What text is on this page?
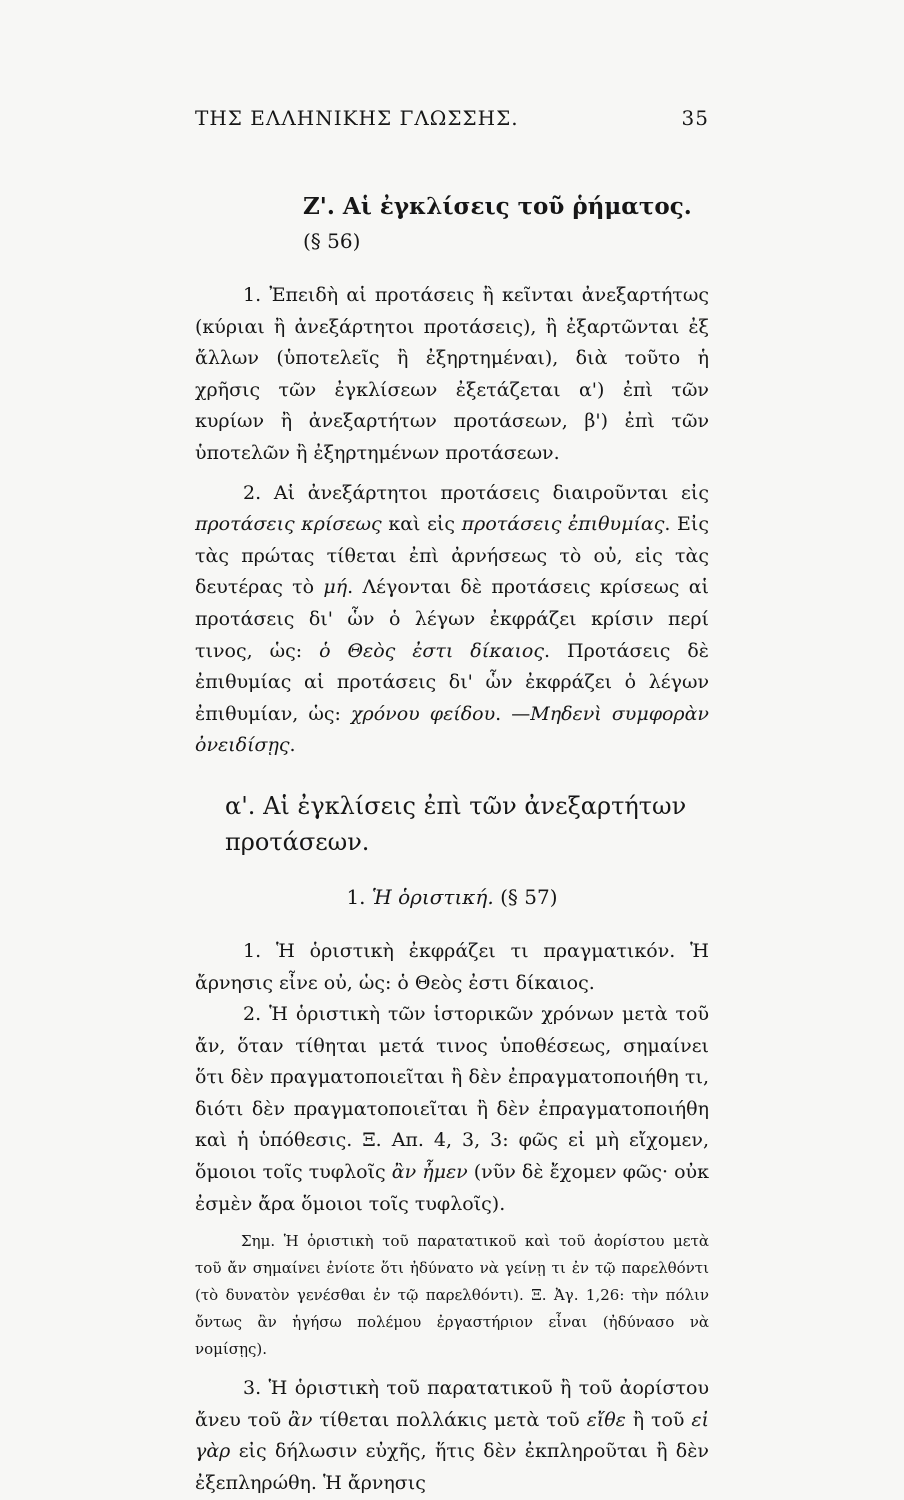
ΤΗΣ ΕΛΛΗΝΙΚΗΣ ΓΛΩΣΣΗΣ.	35
Ζ'. Αἱ ἐγκλίσεις τοῦ ῥήματος. (§ 56)

1. Ἐπειδὴ αἱ προτάσεις ἢ κεῖνται ἀνεξαρτήτως (κύριαι ἢ ἀνεξάρτητοι προτάσεις), ἢ ἐξαρτῶνται ἐξ ἄλλων (ὑποτελεῖς ἢ ἐξηρτημέναι), διὰ τοῦτο ἡ χρῆσις τῶν ἐγκλίσεων ἐξετάζεται α') ἐπὶ τῶν κυρίων ἢ ἀνεξαρτήτων προτάσεων, β') ἐπὶ τῶν ὑποτελῶν ἢ ἐξηρτημένων προτάσεων.

2. Αἱ ἀνεξάρτητοι προτάσεις διαιροῦνται εἰς προτάσεις κρίσεως καὶ εἰς προτάσεις ἐπιθυμίας. Εἰς τὰς πρώτας τίθεται ἐπὶ ἀρνήσεως τὸ οὐ, εἰς τὰς δευτέρας τὸ μή. Λέγονται δὲ προτάσεις κρίσεως αἱ προτάσεις δι' ὧν ὁ λέγων ἐκφράζει κρίσιν περί τινος, ὡς: ὁ Θεὸς ἐστι δίκαιος. Προτάσεις δὲ ἐπιθυμίας αἱ προτάσεις δι' ὧν ἐκφράζει ὁ λέγων ἐπιθυμίαν, ὡς: χρόνου φείδου. —Μηδενὶ συμφορὰν ὀνειδίσῃς.

α'. Αἱ ἐγκλίσεις ἐπὶ τῶν ἀνεξαρτήτων προτάσεων.
1. Ἡ ὁριστική. (§ 57)

1. Ἡ ὁριστικὴ ἐκφράζει τι πραγματικόν. Ἡ ἄρνησις εἶνε οὐ, ὡς: ὁ Θεὸς ἐστι δίκαιος.

2. Ἡ ὁριστικὴ τῶν ἱστορικῶν χρόνων μετὰ τοῦ ἄν, ὅταν τίθηται μετά τινος ὑποθέσεως, σημαίνει ὅτι δὲν πραγματοποιεῖται ἢ δὲν ἐπραγματοποιήθη τι, διότι δὲν πραγματοποιεῖται ἢ δὲν ἐπραγματοποιήθη καὶ ἡ ὑπόθεσις. Ξ. Απ. 4, 3, 3: φῶς εἰ μὴ εἴχομεν, ὅμοιοι τοῖς τυφλοῖς ἂν ἦμεν (νῦν δὲ ἔχομεν φῶς· οὐκ ἐσμὲν ἄρα ὅμοιοι τοῖς τυφλοῖς).

Σημ. Ἡ ὁριστικὴ τοῦ παρατατικοῦ καὶ τοῦ ἀορίστου μετὰ τοῦ ἄν σημαίνει ἐνίοτε ὅτι ἠδύνατο νὰ γείνῃ τι ἐν τῷ παρελθόντι (τὸ δυνατὸν γενέσθαι ἐν τῷ παρελθόντι). Ξ. Ἀγ. 1,26: τὴν πόλιν ὄντως ἂν ἡγήσω πολέμου ἐργαστήριον εἶναι (ἠδύνασο νὰ νομίσῃς).

3. Ἡ ὁριστικὴ τοῦ παρατατικοῦ ἢ τοῦ ἀορίστου ἄνευ τοῦ ἂν τίθεται πολλάκις μετὰ τοῦ εἴθε ἢ τοῦ εἰ γὰρ εἰς δήλωσιν εὐχῆς, ἥτις δὲν ἐκπληροῦται ἢ δὲν ἐξεπληρώθη. Ἡ ἄρνησις
